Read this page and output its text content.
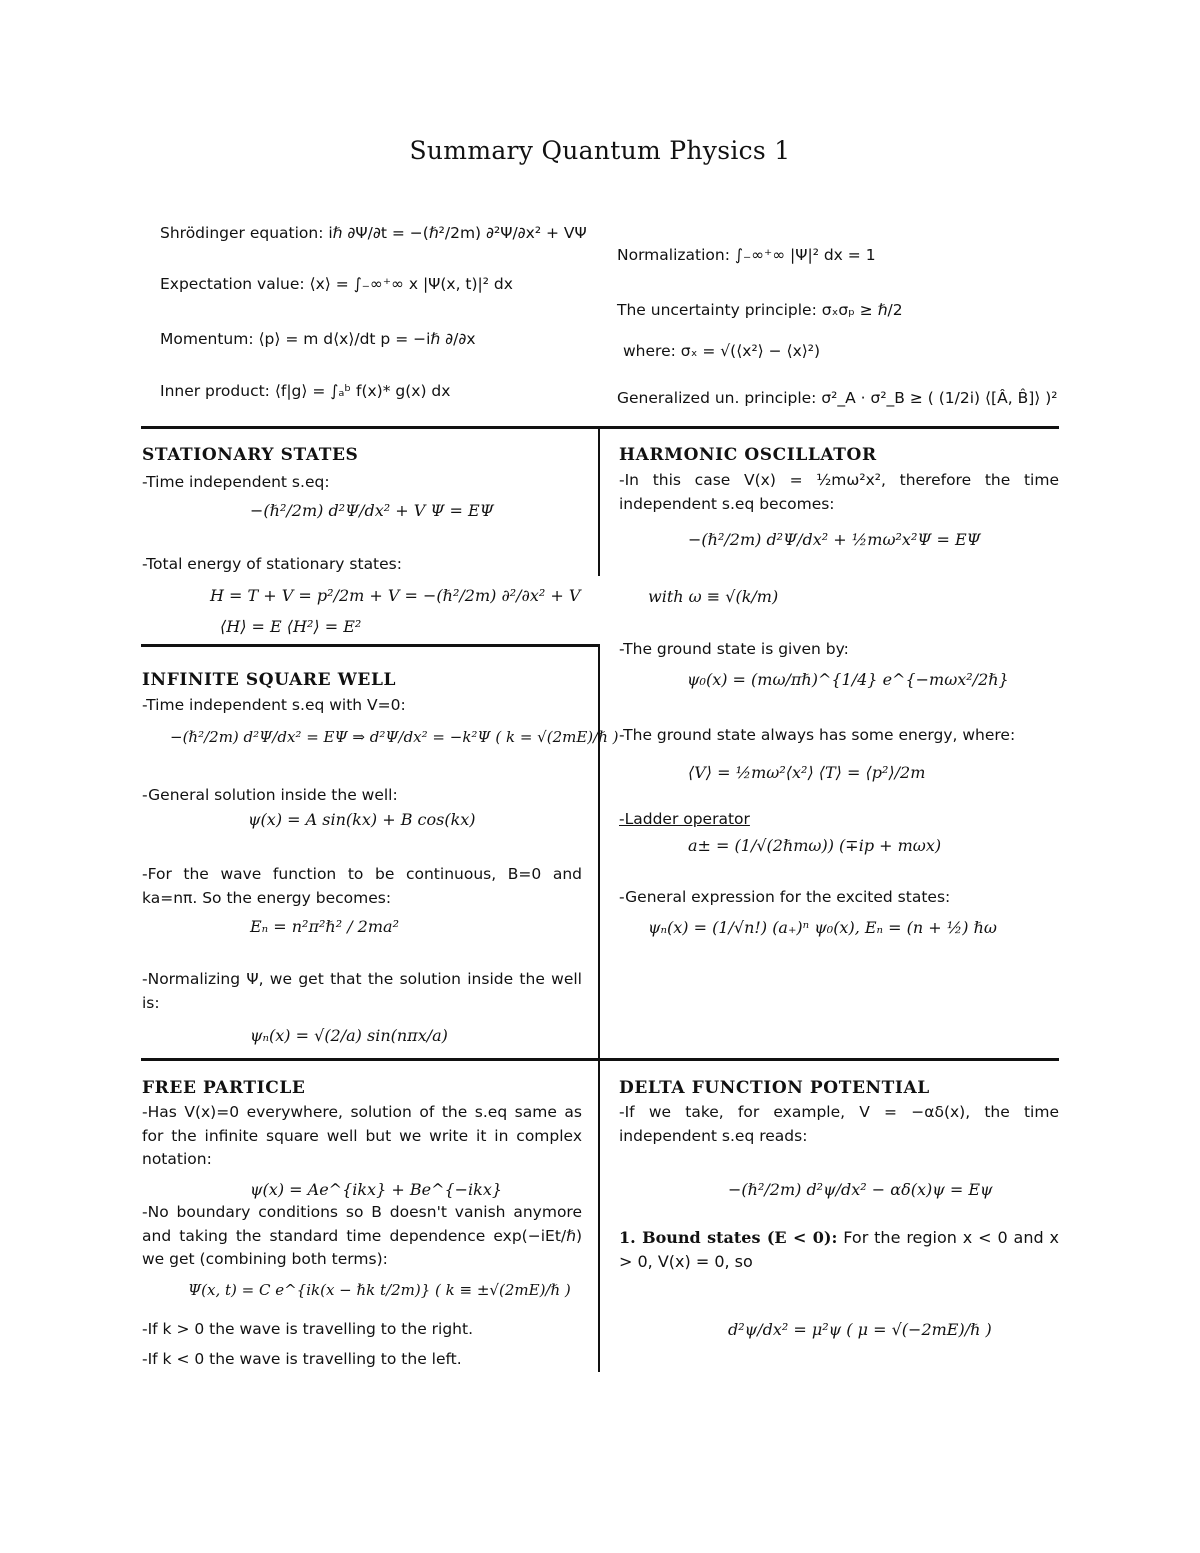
Summary Quantum Physics 1
Shrödinger equation: iℏ ∂Ψ/∂t = −(ℏ²/2m) ∂²Ψ/∂x² + VΨ
Expectation value: ⟨x⟩ = ∫₋∞⁺∞ x |Ψ(x, t)|² dx
Momentum: ⟨p⟩ = m d⟨x⟩/dt p = −iℏ ∂/∂x
Inner product: ⟨f|g⟩ = ∫ₐᵇ f(x)* g(x) dx
Normalization: ∫₋∞⁺∞ |Ψ|² dx = 1
The uncertainty principle: σₓσₚ ≥ ℏ/2
where: σₓ = √(⟨x²⟩ − ⟨x⟩²)
Generalized un. principle: σ²_A · σ²_B ≥ ( (1/2i) ⟨[Â, B̂]⟩ )²
STATIONARY STATES
-Time independent s.eq:
−(ℏ²/2m) d²Ψ/dx² + V Ψ = EΨ
-Total energy of stationary states:
H = T + V = p²/2m + V = −(ℏ²/2m) ∂²/∂x² + V
⟨H⟩ = E ⟨H²⟩ = E²
INFINITE SQUARE WELL
-Time independent s.eq with V=0:
−(ℏ²/2m) d²Ψ/dx² = EΨ ⇒ d²Ψ/dx² = −k²Ψ ( k = √(2mE)/ℏ )
-General solution inside the well:
ψ(x) = A sin(kx) + B cos(kx)
-For the wave function to be continuous, B=0 and ka=nπ. So the energy becomes:
Eₙ = n²π²ℏ² / 2ma²
-Normalizing Ψ, we get that the solution inside the well is:
ψₙ(x) = √(2/a) sin(nπx/a)
FREE PARTICLE
-Has V(x)=0 everywhere, solution of the s.eq same as for the infinite square well but we write it in complex notation:
ψ(x) = Ae^{ikx} + Be^{−ikx}
-No boundary conditions so B doesn't vanish anymore and taking the standard time dependence exp(−iEt/ℏ) we get (combining both terms):
Ψ(x, t) = C e^{ik(x − ℏk t/2m)} ( k ≡ ±√(2mE)/ℏ )
-If k > 0 the wave is travelling to the right.
-If k < 0 the wave is travelling to the left.
HARMONIC OSCILLATOR
-In this case V(x) = ½mω²x², therefore the time independent s.eq becomes:
−(ℏ²/2m) d²Ψ/dx² + ½mω²x²Ψ = EΨ
with ω ≡ √(k/m)
-The ground state is given by:
ψ₀(x) = (mω/πℏ)^{1/4} e^{−mωx²/2ℏ}
-The ground state always has some energy, where:
⟨V⟩ = ½mω²⟨x²⟩ ⟨T⟩ = ⟨p²⟩/2m
-Ladder operator
a± = (1/√(2ℏmω)) (∓ip + mωx)
-General expression for the excited states:
ψₙ(x) = (1/√n!) (a₊)ⁿ ψ₀(x), Eₙ = (n + ½) ℏω
DELTA FUNCTION POTENTIAL
-If we take, for example, V = −αδ(x), the time independent s.eq reads:
−(ℏ²/2m) d²ψ/dx² − αδ(x)ψ = Eψ
1. Bound states (E < 0): For the region x < 0 and x > 0, V(x) = 0, so
d²ψ/dx² = μ²ψ ( μ = √(−2mE)/ℏ )
